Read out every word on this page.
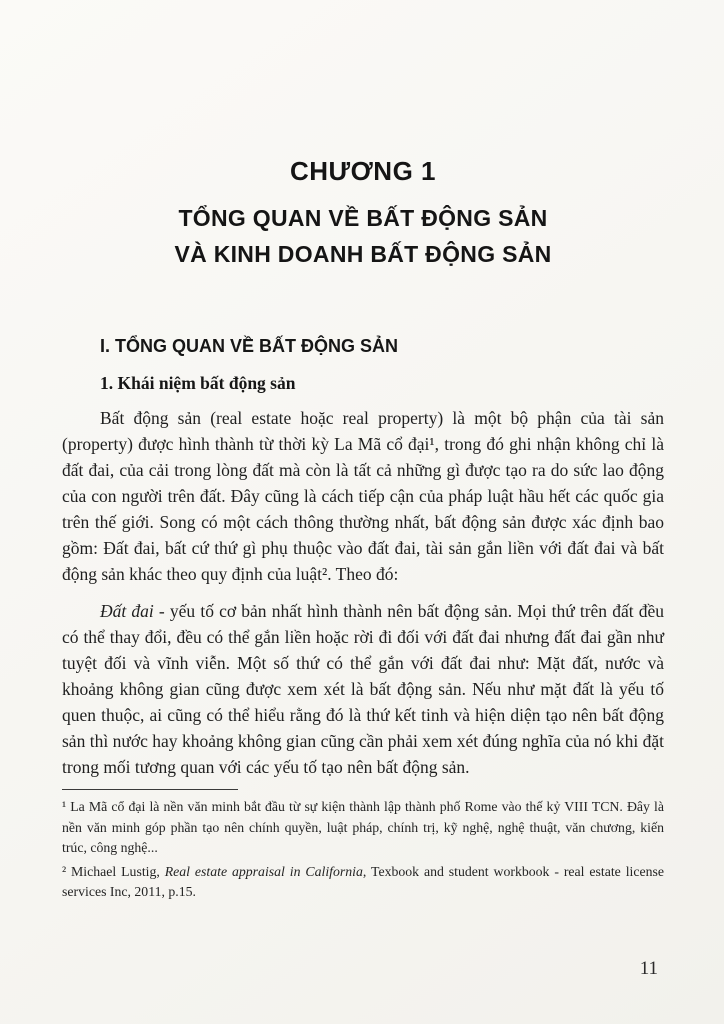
CHƯƠNG 1
TỔNG QUAN VỀ BẤT ĐỘNG SẢN
VÀ KINH DOANH BẤT ĐỘNG SẢN
I. TỔNG QUAN VỀ BẤT ĐỘNG SẢN
1. Khái niệm bất động sản

Bất động sản (real estate hoặc real property) là một bộ phận của tài sản (property) được hình thành từ thời kỳ La Mã cổ đại¹, trong đó ghi nhận không chỉ là đất đai, của cải trong lòng đất mà còn là tất cả những gì được tạo ra do sức lao động của con người trên đất. Đây cũng là cách tiếp cận của pháp luật hầu hết các quốc gia trên thế giới. Song có một cách thông thường nhất, bất động sản được xác định bao gồm: Đất đai, bất cứ thứ gì phụ thuộc vào đất đai, tài sản gắn liền với đất đai và bất động sản khác theo quy định của luật². Theo đó:

Đất đai - yếu tố cơ bản nhất hình thành nên bất động sản. Mọi thứ trên đất đều có thể thay đổi, đều có thể gắn liền hoặc rời đi đối với đất đai nhưng đất đai gần như tuyệt đối và vĩnh viễn. Một số thứ có thể gắn với đất đai như: Mặt đất, nước và khoảng không gian cũng được xem xét là bất động sản. Nếu như mặt đất là yếu tố quen thuộc, ai cũng có thể hiểu rằng đó là thứ kết tinh và hiện diện tạo nên bất động sản thì nước hay khoảng không gian cũng cần phải xem xét đúng nghĩa của nó khi đặt trong mối tương quan với các yếu tố tạo nên bất động sản.

¹ La Mã cổ đại là nền văn minh bắt đầu từ sự kiện thành lập thành phố Rome vào thế kỷ VIII TCN. Đây là nền văn minh góp phần tạo nên chính quyền, luật pháp, chính trị, kỹ nghệ, nghệ thuật, văn chương, kiến trúc, công nghệ...
² Michael Lustig, Real estate appraisal in California, Texbook and student workbook - real estate license services Inc, 2011, p.15.
11
